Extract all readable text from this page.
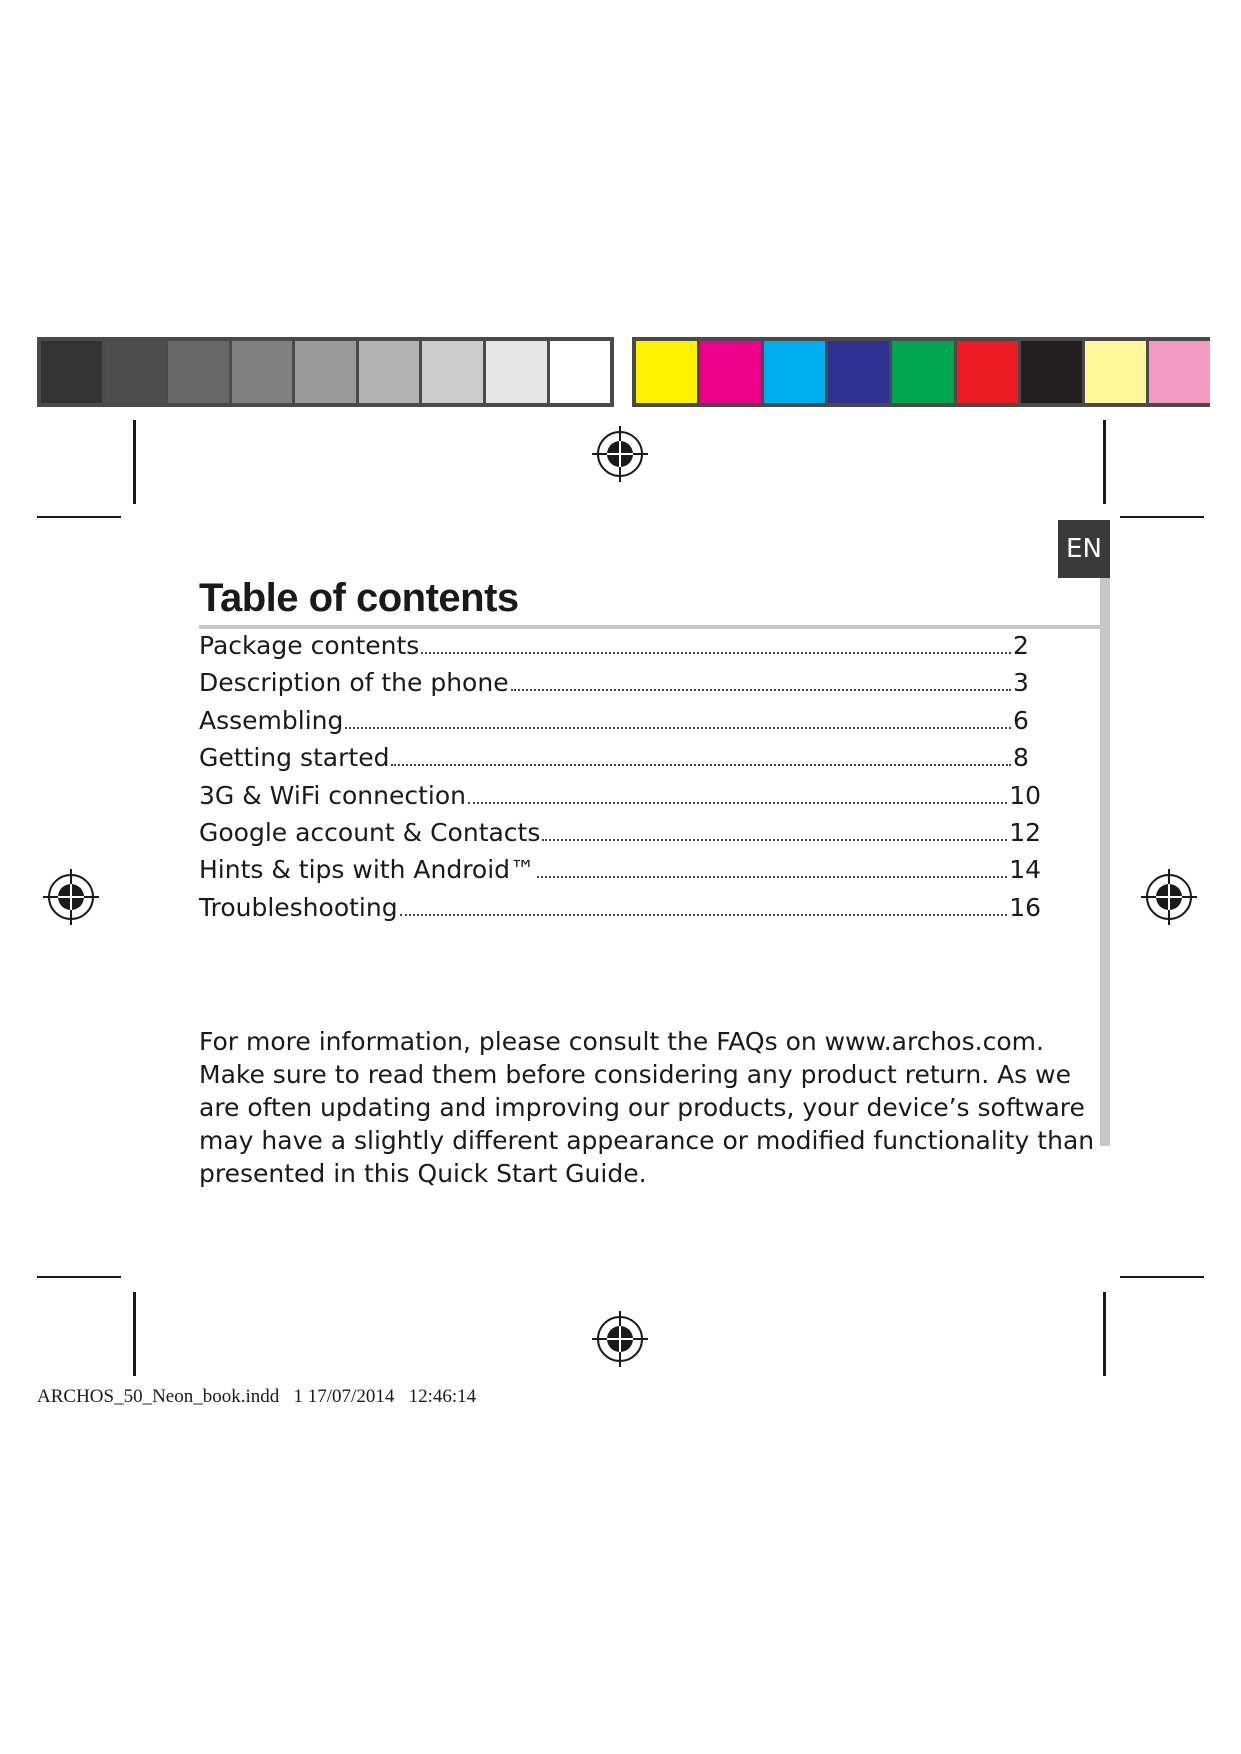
EN
Table of contents
Package contents	2
Description of the phone	3
Assembling	6
Getting started	8
3G & WiFi connection	10
Google account & Contacts	12
Hints & tips with Android™	14
Troubleshooting	16

For more information, please consult the FAQs on www.archos.com.
Make sure to read them before considering any product return. As we
are often updating and improving our products, your device’s software
may have a slightly different appearance or modified functionality than
presented in this Quick Start Guide.

ARCHOS_50_Neon_book.indd   1 17/07/2014   12:46:14
